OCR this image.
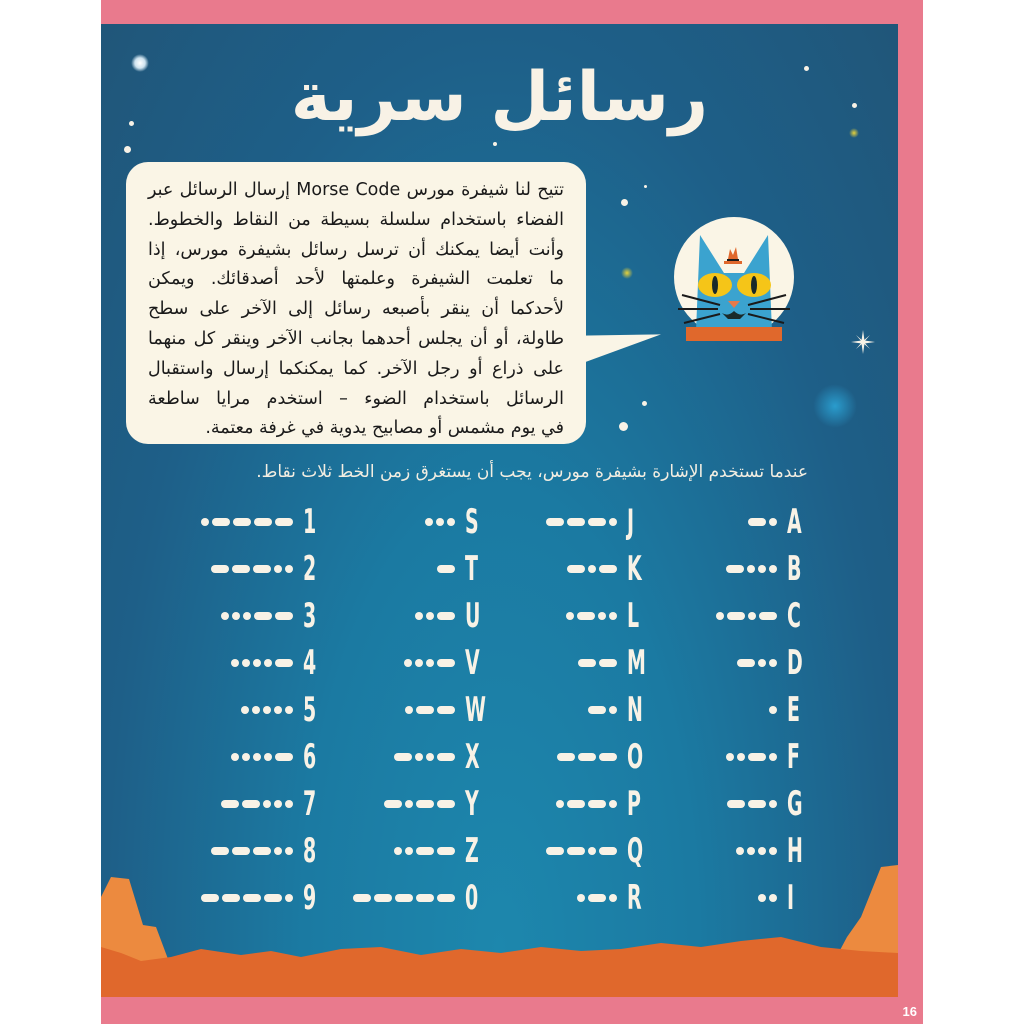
رسائل سرية
تتيح لنا شيفرة مورس Morse Code إرسال الرسائل عبر
الفضاء باستخدام سلسلة بسيطة من النقاط والخطوط.
وأنت أيضا يمكنك أن ترسل رسائل بشيفرة مورس، إذا
ما تعلمت الشيفرة وعلمتها لأحد أصدقائك. ويمكن
لأحدكما أن ينقر بأصبعه رسائل إلى الآخر على سطح
طاولة، أو أن يجلس أحدهما بجانب الآخر وينقر كل منهما
على ذراع أو رجل الآخر. كما يمكنكما إرسال واستقبال
الرسائل باستخدام الضوء – استخدم مرايا ساطعة
في يوم مشمس أو مصابيح يدوية في غرفة معتمة.
عندما تستخدم الإشارة بشيفرة مورس، يجب أن يستغرق زمن الخط ثلاث نقاط.
A
B
C
D
E
F
G
H
I
J
K
L
M
N
O
P
Q
R
S
T
U
V
W
X
Y
Z
0
1
2
3
4
5
6
7
8
9
16
